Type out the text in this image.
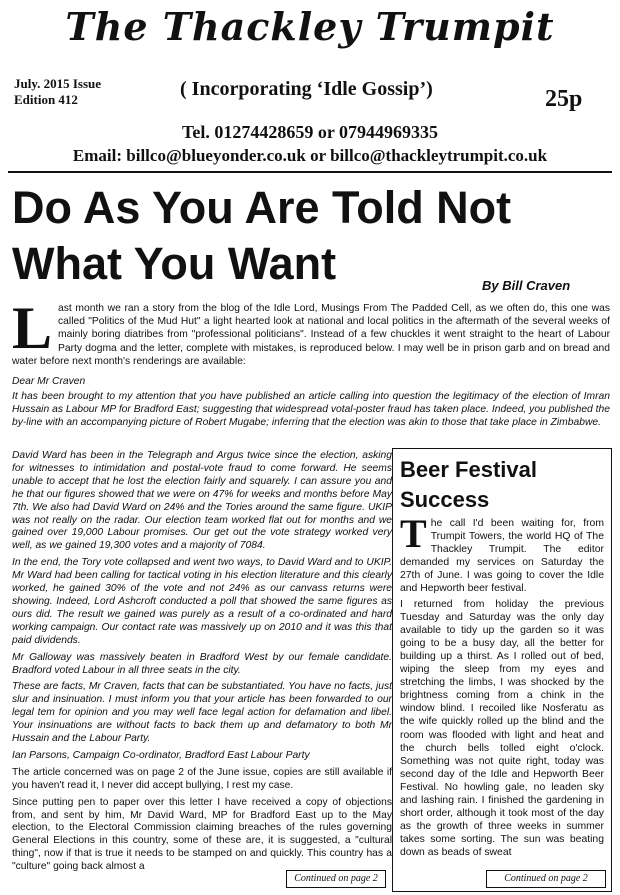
The Thackley Trumpit
July. 2015 Issue
Edition 412	( Incorporating ‘Idle Gossip’)	25p
Tel. 01274428659 or 07944969335
Email: billco@blueyonder.co.uk or billco@thackleytrumpit.co.uk
Do As You Are Told Not
What You Want	By Bill Craven
L ast month we ran a story from the blog of the Idle Lord, Musings From The Padded Cell, as we often do, this one was called "Politics of the Mud Hut" a light hearted look at national and local politics in the aftermath of the several weeks of mainly boring diatribes from "professional politicians". Instead of a few chuckles it went straight to the heart of Labour Party dogma and the letter, complete with mistakes, is reproduced below. I may well be in prison garb and on bread and water before next month's renderings are available:

Dear Mr Craven

It has been brought to my attention that you have published an article calling into question the legitimacy of the election of Imran Hussain as Labour MP for Bradford East; suggesting that widespread votal-poster fraud has taken place. Indeed, you published the by-line with an accompanying picture of Robert Mugabe; inferring that the election was akin to those that take place in Zimbabwe.

David Ward has been in the Telegraph and Argus twice since the election, asking for witnesses to intimidation and postal-vote fraud to come forward. He seems unable to accept that he lost the election fairly and squarely. I can assure you and he that our figures showed that we were on 47% for weeks and months before May 7th. We also had David Ward on 24% and the Tories around the same figure. UKIP was not really on the radar. Our election team worked flat out for months and we gained over 19,000 Labour promises. Our get out the vote strategy worked very well, as we gained 19,300 votes and a majority of 7084.

In the end, the Tory vote collapsed and went two ways, to David Ward and to UKIP. Mr Ward had been calling for tactical voting in his election literature and this clearly worked, he gained 30% of the vote and not 24% as our canvass returns were showing. Indeed, Lord Ashcroft conducted a poll that showed the same figures as ours did. The result we gained was purely as a result of a co-ordinated and hard working campaign. Our contact rate was massively up on 2010 and it was this that paid dividends.

Mr Galloway was massively beaten in Bradford West by our female candidate. Bradford voted Labour in all three seats in the city.

These are facts, Mr Craven, facts that can be substantiated. You have no facts, just slur and insinuation. I must inform you that your article has been forwarded to our legal tem for opinion and you may well face legal action for defamation and libel. Your insinuations are without facts to back them up and defamatory to both Mr Hussain and the Labour Party.

Ian Parsons, Campaign Co-ordinator, Bradford East Labour Party

The article concerned was on page 2 of the June issue, copies are still available if you haven't read it, I never did accept bullying, I rest my case.

Since putting pen to paper over this letter I have received a copy of objections from, and sent by him, Mr David Ward, MP for Bradford East up to the May election, to the Electoral Commission claiming breaches of the rules governing General Elections in this country, some of these are, it is suggested, a "cultural thing", now if that is true it needs to be stamped on and quickly. This country has a "culture" going back almost a

Beer Festival
Success

The call I'd been waiting for, from Trumpit Towers, the world HQ of The Thackley Trumpit. The editor demanded my services on Saturday the 27th of June. I was going to cover the Idle and Hepworth beer festival.

I returned from holiday the previous Tuesday and Saturday was the only day available to tidy up the garden so it was going to be a busy day, all the better for building up a thirst. As I rolled out of bed, wiping the sleep from my eyes and stretching the limbs, I was shocked by the brightness coming from a chink in the window blind. I recoiled like Nosferatu as the wife quickly rolled up the blind and the room was flooded with light and heat and the church bells tolled eight o'clock. Something was not quite right, today was second day of the Idle and Hepworth Beer Festival. No howling gale, no leaden sky and lashing rain. I finished the gardening in short order, although it took most of the day as the growth of three weeks in summer takes some sorting. The sun was beating down as beads of sweat

Continued on page 2	Continued on page 2
